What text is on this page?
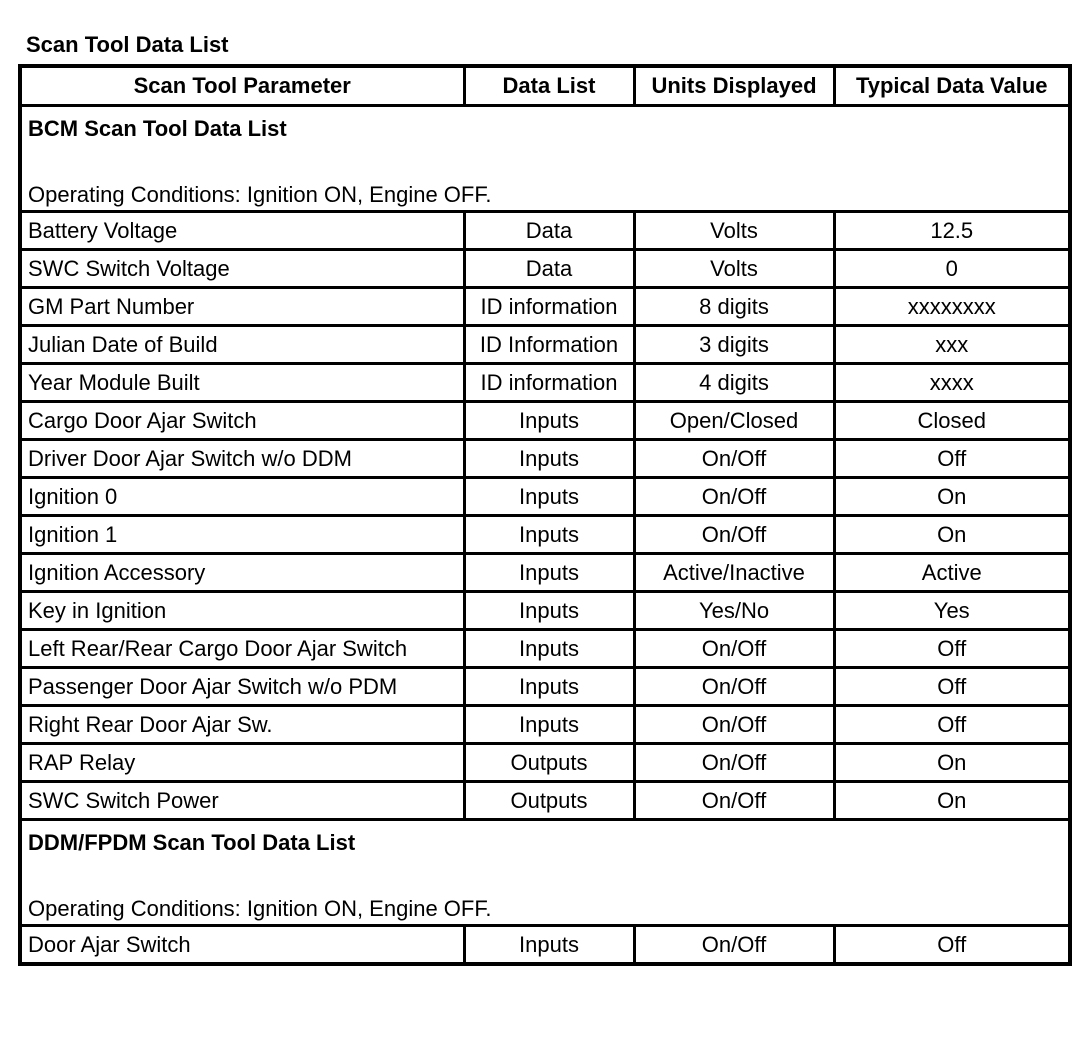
Scan Tool Data List
Scan Tool Parameter	Data List	Units Displayed	Typical Data Value

BCM Scan Tool Data List
Operating Conditions: Ignition ON, Engine OFF.			

Battery Voltage	Data	Volts	12.5
SWC Switch Voltage	Data	Volts	0
GM Part Number	ID information	8 digits	xxxxxxxx
Julian Date of Build	ID Information	3 digits	xxx
Year Module Built	ID information	4 digits	xxxx
Cargo Door Ajar Switch	Inputs	Open/Closed	Closed
Driver Door Ajar Switch w/o DDM	Inputs	On/Off	Off
Ignition 0	Inputs	On/Off	On
Ignition 1	Inputs	On/Off	On
Ignition Accessory	Inputs	Active/Inactive	Active
Key in Ignition	Inputs	Yes/No	Yes
Left Rear/Rear Cargo Door Ajar Switch	Inputs	On/Off	Off
Passenger Door Ajar Switch w/o PDM	Inputs	On/Off	Off
Right Rear Door Ajar Sw.	Inputs	On/Off	Off
RAP Relay	Outputs	On/Off	On
SWC Switch Power	Outputs	On/Off	On

DDM/FPDM Scan Tool Data List
Operating Conditions: Ignition ON, Engine OFF.			

Door Ajar Switch	Inputs	On/Off	Off
